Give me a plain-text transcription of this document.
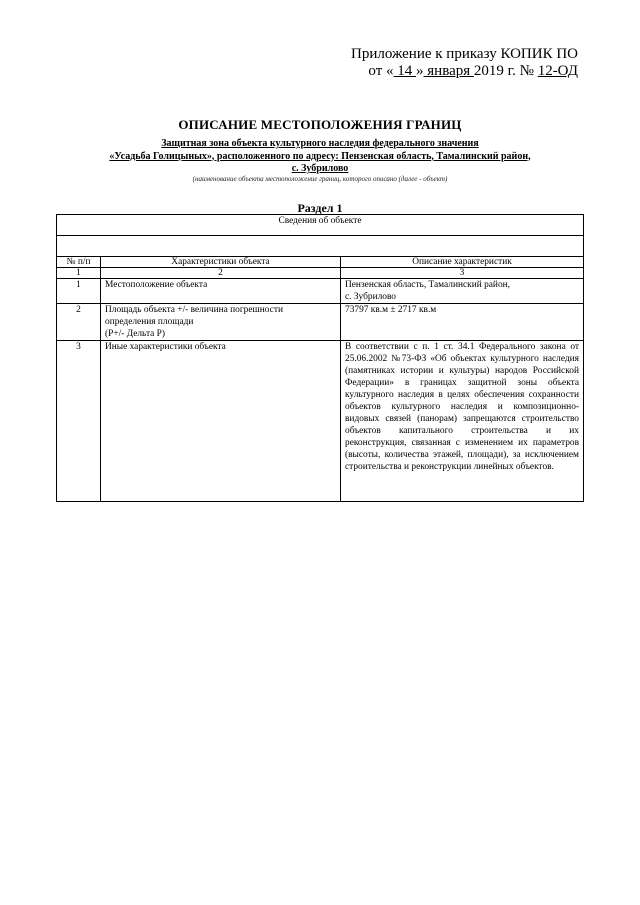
Приложение к приказу КОПИК ПО
от « 14 » января 2019 г. № 12-ОД
ОПИСАНИЕ МЕСТОПОЛОЖЕНИЯ ГРАНИЦ
Защитная зона объекта культурного наследия федерального значения
«Усадьба Голицыных», расположенного по адресу: Пензенская область, Тамалинский район,
с. Зубрилово
(наименование объекта местоположение границ, которого описано (далее - объект)
Раздел 1
Сведения об объекте		

№ п/п	Характеристики объекта	Описание характеристик
1	2	3
1	Местоположение объекта	Пензенская область, Тамалинский район,
с. Зубрилово

2	Площадь объекта +/- величина погрешности
определения площади
(Р+/- Дельта Р)	73797 кв.м ± 2717 кв.м
3	Иные характеристики объекта	В соответствии с п. 1 ст. 34.1 Федерального закона от 25.06.2002 №73-ФЗ «Об объектах культурного наследия (памятниках истории и культуры) народов Российской Федерации» в границах защитной зоны объекта культурного наследия в целях обеспечения сохранности объектов культурного наследия и композиционно-видовых связей (панорам) запрещаются строительство объектов капитального строительства и их реконструкция, связанная с изменением их параметров (высоты, количества этажей, площади), за исключением строительства и реконструкции линейных объектов.
